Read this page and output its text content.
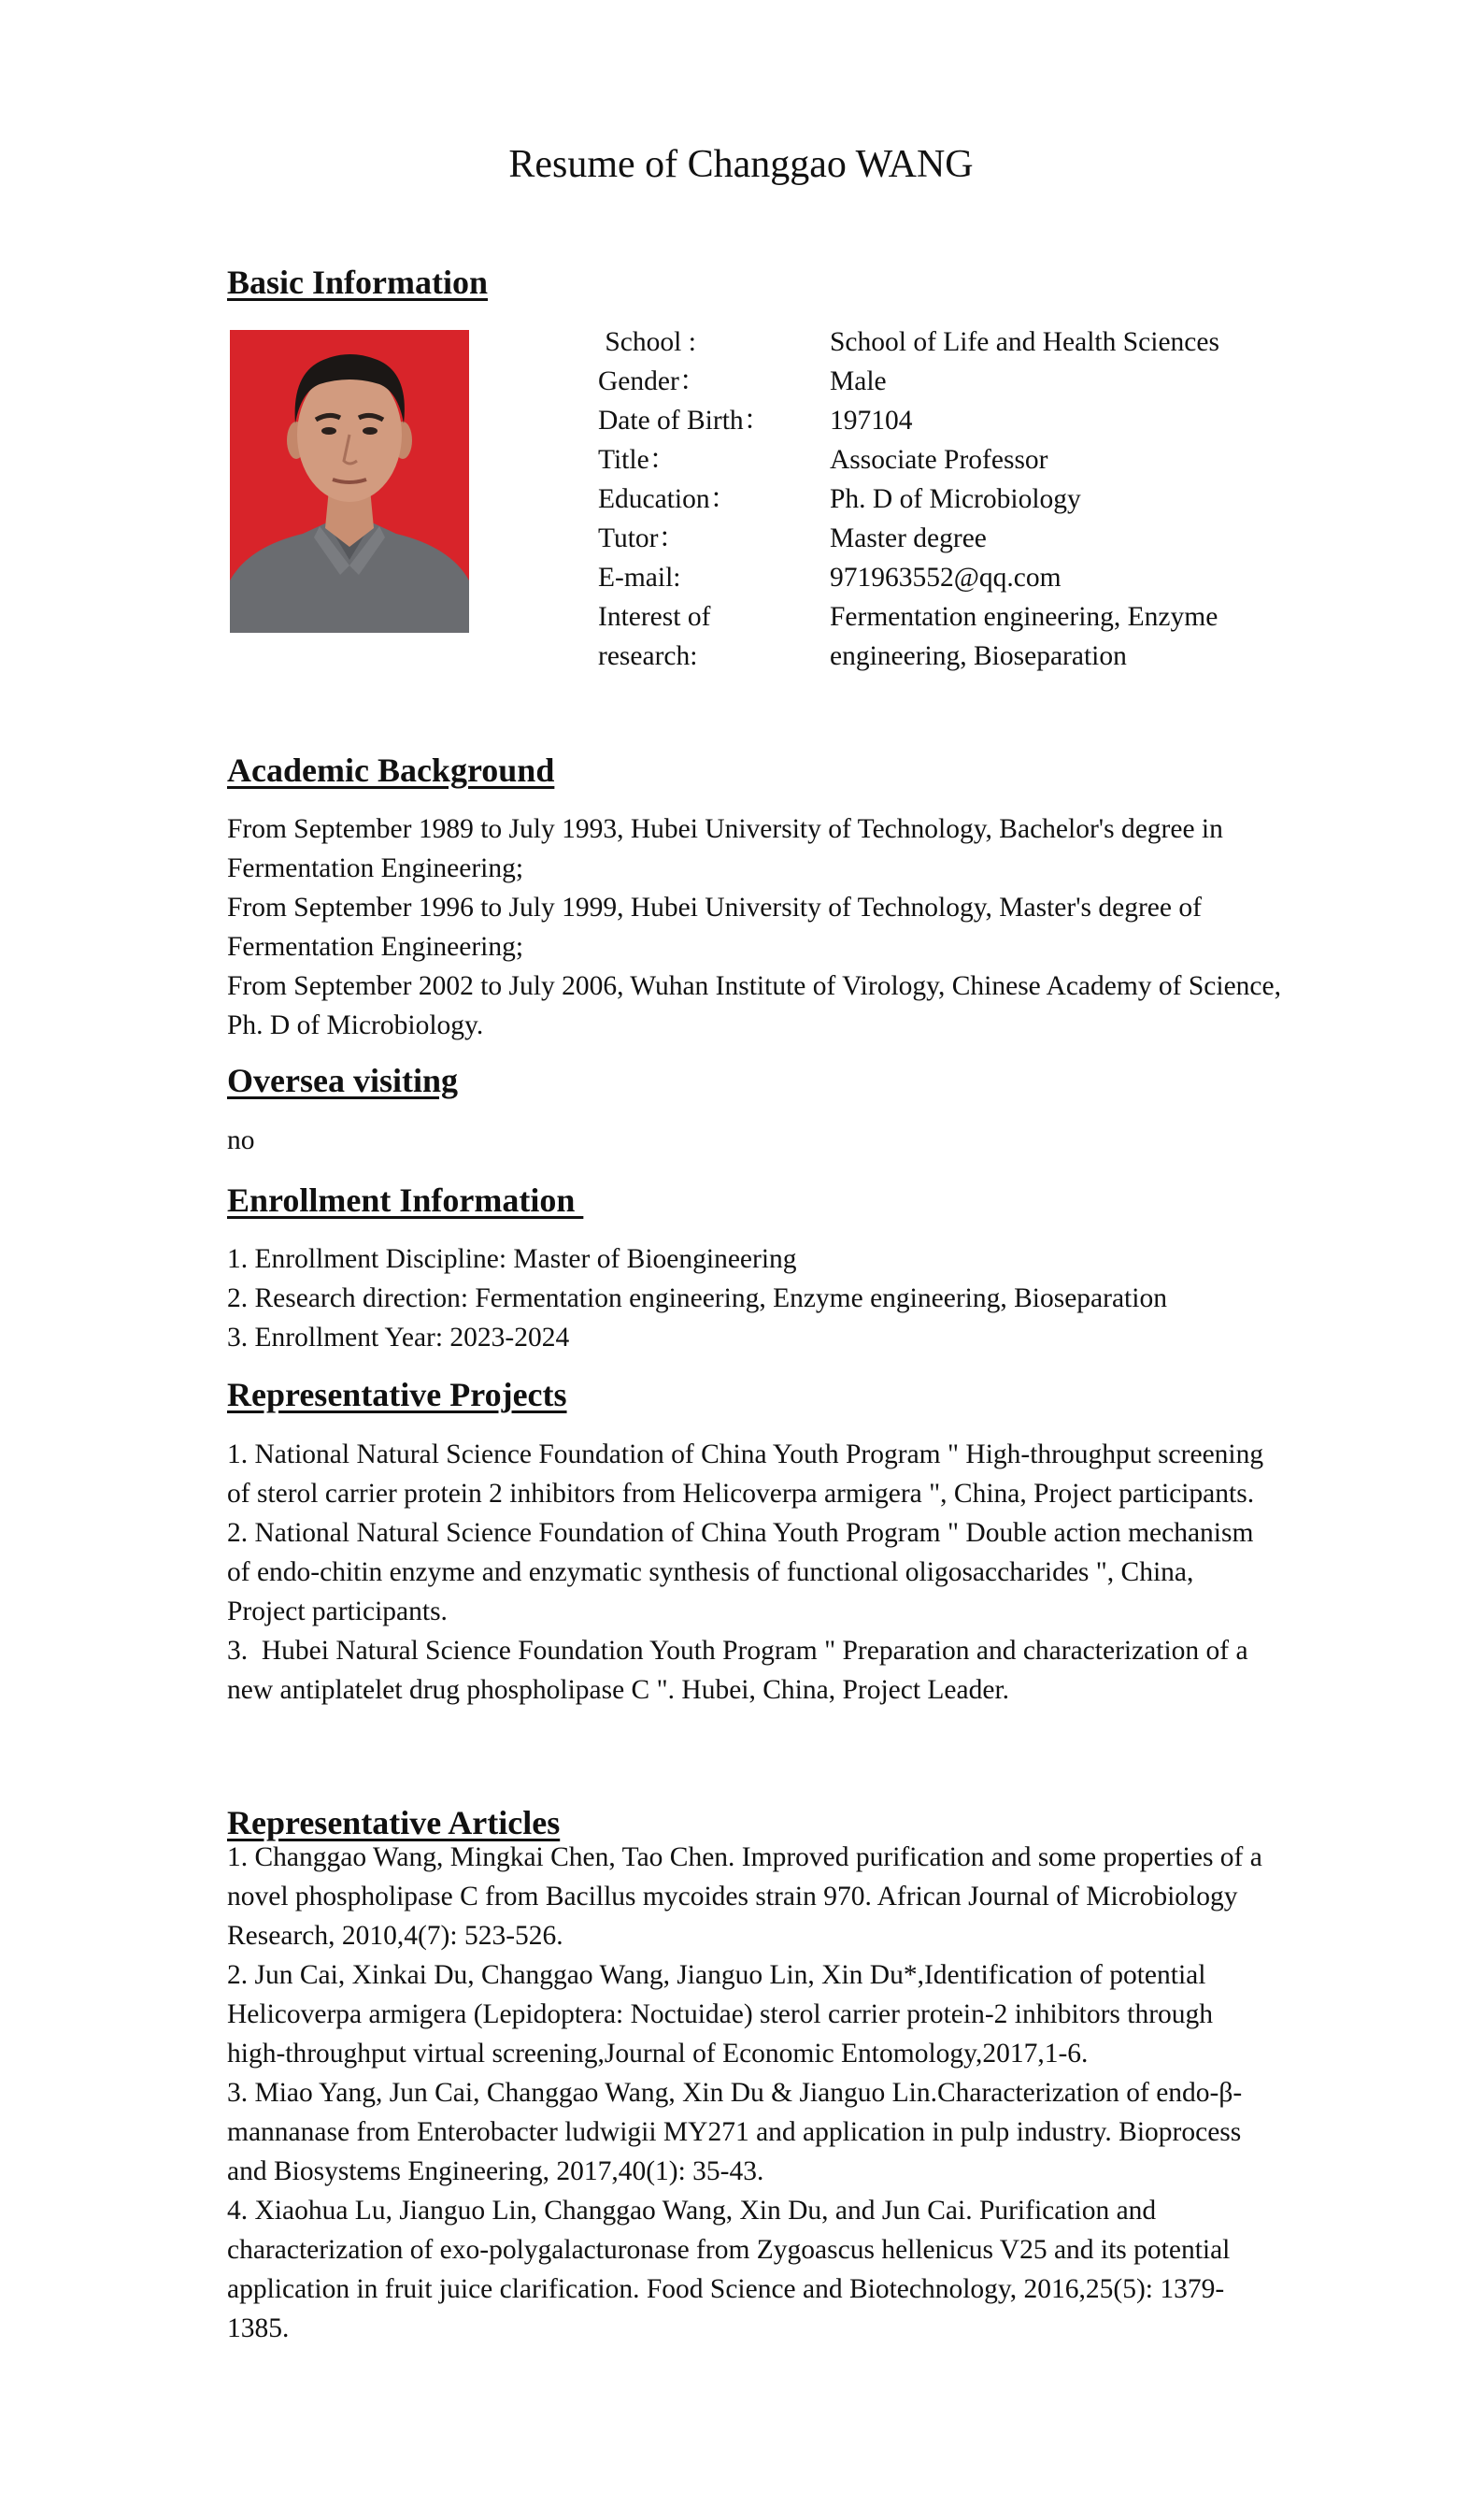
Resume of Changgao WANG
Basic Information
School :	School of Life and Health Sciences
Gender：	Male
Date of Birth：	197104
Title：	Associate Professor
Education：	Ph. D of Microbiology
Tutor：	Master degree
E-mail:	971963552@qq.com
Interest of research:
Fermentation engineering, Enzyme engineering, Bioseparation
Academic Background

From September 1989 to July 1993, Hubei University of Technology, Bachelor's degree in Fermentation Engineering;

From September 1996 to July 1999, Hubei University of Technology, Master's degree of Fermentation Engineering;

From September 2002 to July 2006, Wuhan Institute of Virology, Chinese Academy of Science, Ph. D of Microbiology.

Oversea visiting
no
Enrollment Information

1. Enrollment Discipline: Master of Bioengineering

2. Research direction: Fermentation engineering, Enzyme engineering, Bioseparation

3. Enrollment Year: 2023-2024

Representative Projects

1. National Natural Science Foundation of China Youth Program " High-throughput screening of sterol carrier protein 2 inhibitors from Helicoverpa armigera ", China, Project participants.

2. National Natural Science Foundation of China Youth Program " Double action mechanism of endo-chitin enzyme and enzymatic synthesis of functional oligosaccharides ", China, Project participants.

3.  Hubei Natural Science Foundation Youth Program " Preparation and characterization of a new antiplatelet drug phospholipase C ". Hubei, China, Project Leader.

Representative Articles

1. Changgao Wang, Mingkai Chen, Tao Chen. Improved purification and some properties of a novel phospholipase C from Bacillus mycoides strain 970. African Journal of Microbiology Research, 2010,4(7): 523-526.

2. Jun Cai, Xinkai Du, Changgao Wang, Jianguo Lin, Xin Du*,Identification of potential Helicoverpa armigera (Lepidoptera: Noctuidae) sterol carrier protein-2 inhibitors through high-throughput virtual screening,Journal of Economic Entomology,2017,1-6.

3. Miao Yang, Jun Cai, Changgao Wang, Xin Du & Jianguo Lin.Characterization of endo-β-mannanase from Enterobacter ludwigii MY271 and application in pulp industry. Bioprocess and Biosystems Engineering, 2017,40(1): 35-43.

4. Xiaohua Lu, Jianguo Lin, Changgao Wang, Xin Du, and Jun Cai. Purification and characterization of exo-polygalacturonase from Zygoascus hellenicus V25 and its potential application in fruit juice clarification. Food Science and Biotechnology, 2016,25(5): 1379-1385.
